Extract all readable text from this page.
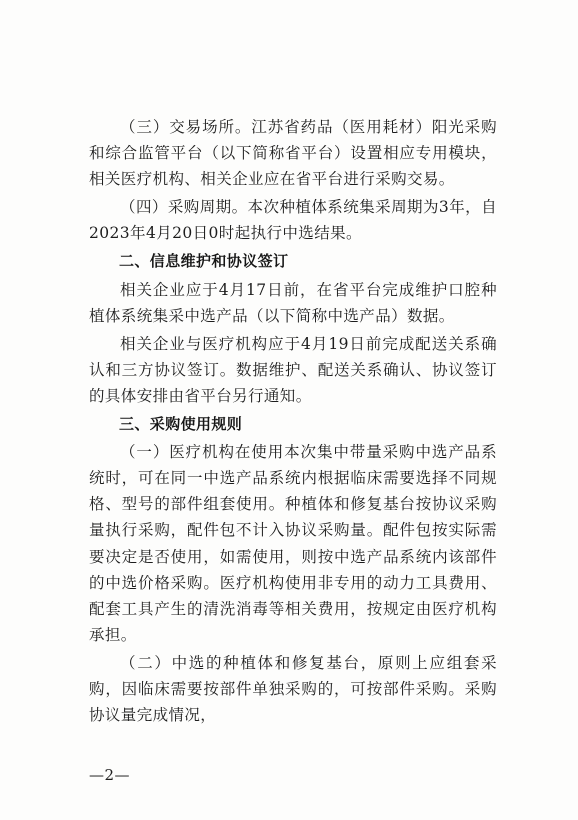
（三）交易场所。江苏省药品（医用耗材）阳光采购和综合监管平台（以下简称省平台）设置相应专用模块，相关医疗机构、相关企业应在省平台进行采购交易。

（四）采购周期。本次种植体系统集采周期为3年，自2023年4月20日0时起执行中选结果。

二、信息维护和协议签订

相关企业应于4月17日前，在省平台完成维护口腔种植体系统集采中选产品（以下简称中选产品）数据。

相关企业与医疗机构应于4月19日前完成配送关系确认和三方协议签订。数据维护、配送关系确认、协议签订的具体安排由省平台另行通知。

三、采购使用规则

（一）医疗机构在使用本次集中带量采购中选产品系统时，可在同一中选产品系统内根据临床需要选择不同规格、型号的部件组套使用。种植体和修复基台按协议采购量执行采购，配件包不计入协议采购量。配件包按实际需要决定是否使用，如需使用，则按中选产品系统内该部件的中选价格采购。医疗机构使用非专用的动力工具费用、配套工具产生的清洗消毒等相关费用，按规定由医疗机构承担。

（二）中选的种植体和修复基台，原则上应组套采购，因临床需要按部件单独采购的，可按部件采购。采购协议量完成情况，

—2—
